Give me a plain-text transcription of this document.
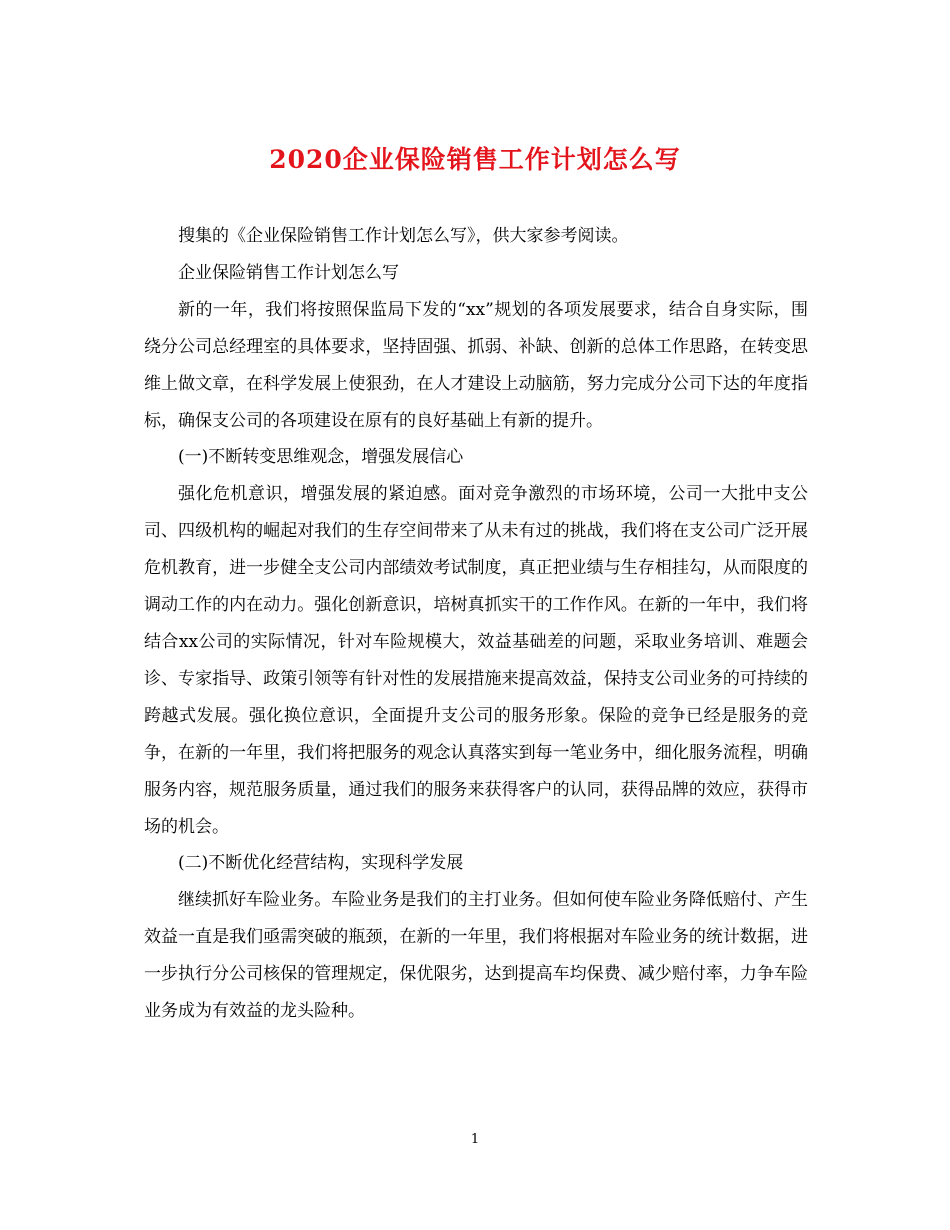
2020企业保险销售工作计划怎么写

搜集的《企业保险销售工作计划怎么写》，供大家参考阅读。

企业保险销售工作计划怎么写

新的一年，我们将按照保监局下发的“xx”规划的各项发展要求，结合自身实际，围绕分公司总经理室的具体要求，坚持固强、抓弱、补缺、创新的总体工作思路，在转变思维上做文章，在科学发展上使狠劲，在人才建设上动脑筋，努力完成分公司下达的年度指标，确保支公司的各项建设在原有的良好基础上有新的提升。

(一)不断转变思维观念，增强发展信心

强化危机意识，增强发展的紧迫感。面对竞争激烈的市场环境，公司一大批中支公司、四级机构的崛起对我们的生存空间带来了从未有过的挑战，我们将在支公司广泛开展危机教育，进一步健全支公司内部绩效考试制度，真正把业绩与生存相挂勾，从而限度的调动工作的内在动力。强化创新意识，培树真抓实干的工作作风。在新的一年中，我们将结合xx公司的实际情况，针对车险规模大，效益基础差的问题，采取业务培训、难题会诊、专家指导、政策引领等有针对性的发展措施来提高效益，保持支公司业务的可持续的跨越式发展。强化换位意识，全面提升支公司的服务形象。保险的竞争已经是服务的竞争，在新的一年里，我们将把服务的观念认真落实到每一笔业务中，细化服务流程，明确服务内容，规范服务质量，通过我们的服务来获得客户的认同，获得品牌的效应，获得市场的机会。

(二)不断优化经营结构，实现科学发展

继续抓好车险业务。车险业务是我们的主打业务。但如何使车险业务降低赔付、产生效益一直是我们亟需突破的瓶颈，在新的一年里，我们将根据对车险业务的统计数据，进一步执行分公司核保的管理规定，保优限劣，达到提高车均保费、减少赔付率，力争车险业务成为有效益的龙头险种。

1
